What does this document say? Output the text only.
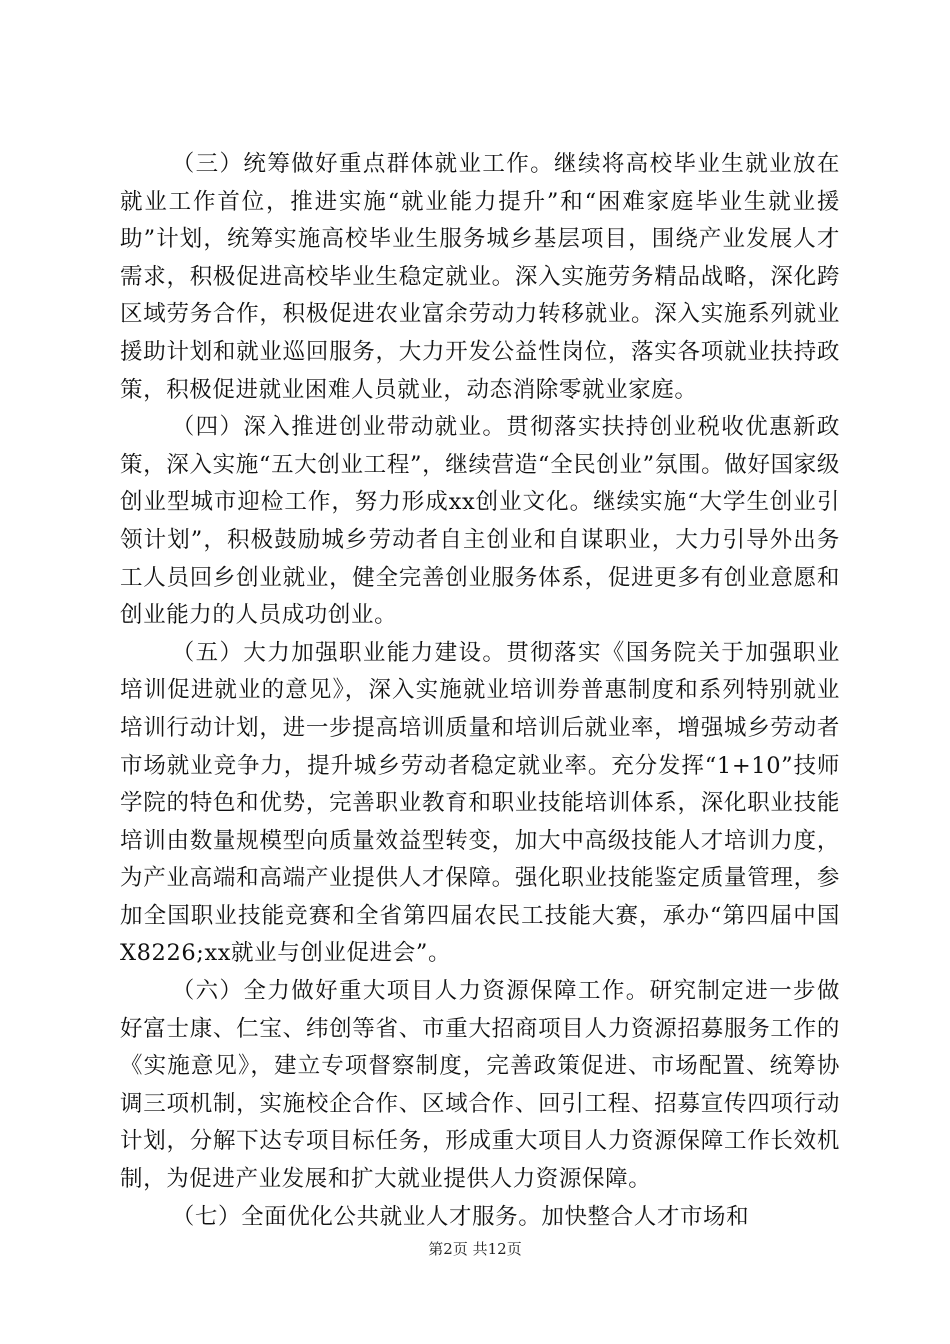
（三）统筹做好重点群体就业工作。继续将高校毕业生就业放在就业工作首位，推进实施“就业能力提升”和“困难家庭毕业生就业援助”计划，统筹实施高校毕业生服务城乡基层项目，围绕产业发展人才需求，积极促进高校毕业生稳定就业。深入实施劳务精品战略，深化跨区域劳务合作，积极促进农业富余劳动力转移就业。深入实施系列就业援助计划和就业巡回服务，大力开发公益性岗位，落实各项就业扶持政策，积极促进就业困难人员就业，动态消除零就业家庭。

（四）深入推进创业带动就业。贯彻落实扶持创业税收优惠新政策，深入实施“五大创业工程”，继续营造“全民创业”氛围。做好国家级创业型城市迎检工作，努力形成xx创业文化。继续实施“大学生创业引领计划”，积极鼓励城乡劳动者自主创业和自谋职业，大力引导外出务工人员回乡创业就业，健全完善创业服务体系，促进更多有创业意愿和创业能力的人员成功创业。

（五）大力加强职业能力建设。贯彻落实《国务院关于加强职业培训促进就业的意见》，深入实施就业培训券普惠制度和系列特别就业培训行动计划，进一步提高培训质量和培训后就业率，增强城乡劳动者市场就业竞争力，提升城乡劳动者稳定就业率。充分发挥“1+10”技师学院的特色和优势，完善职业教育和职业技能培训体系，深化职业技能培训由数量规模型向质量效益型转变，加大中高级技能人才培训力度，为产业高端和高端产业提供人才保障。强化职业技能鉴定质量管理，参加全国职业技能竞赛和全省第四届农民工技能大赛，承办“第四届中国X8226;xx就业与创业促进会”。

（六）全力做好重大项目人力资源保障工作。研究制定进一步做好富士康、仁宝、纬创等省、市重大招商项目人力资源招募服务工作的《实施意见》，建立专项督察制度，完善政策促进、市场配置、统筹协调三项机制，实施校企合作、区域合作、回引工程、招募宣传四项行动计划，分解下达专项目标任务，形成重大项目人力资源保障工作长效机制，为促进产业发展和扩大就业提供人力资源保障。

（七）全面优化公共就业人才服务。加快整合人才市场和

第2页 共12页
